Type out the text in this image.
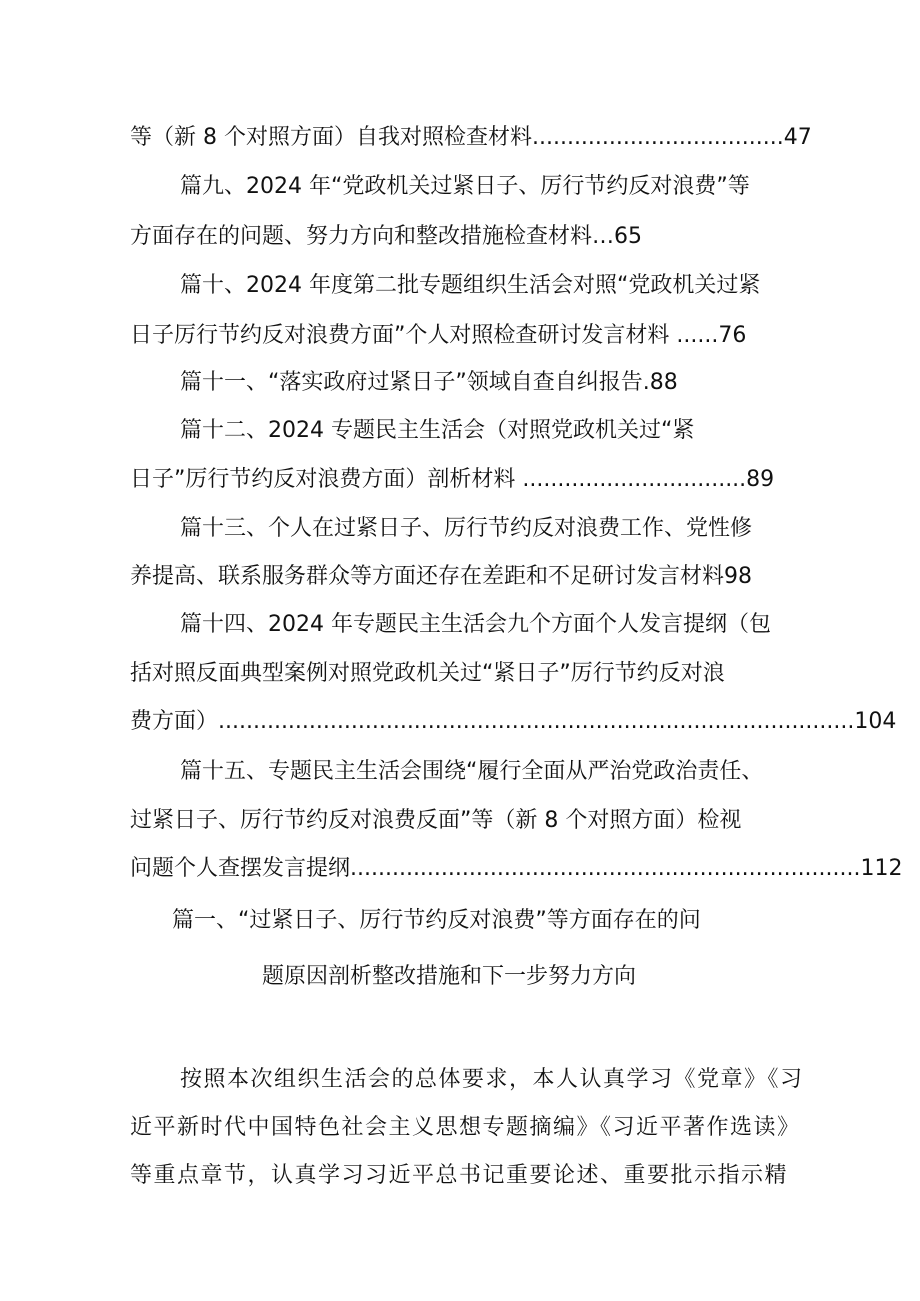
等（新 8 个对照方面）自我对照检查材料....................................47
篇九、2024 年“党政机关过紧日子、厉行节约反对浪费”等
方面存在的问题、努力方向和整改措施检查材料…65
篇十、2024 年度第二批专题组织生活会对照“党政机关过紧
日子厉行节约反对浪费方面”个人对照检查研讨发言材料 ......76
篇十一、“落实政府过紧日子”领域自查自纠报告.88
篇十二、2024 专题民主生活会（对照党政机关过“紧
日子”厉行节约反对浪费方面）剖析材料 ................................89
篇十三、个人在过紧日子、厉行节约反对浪费工作、党性修
养提高、联系服务群众等方面还存在差距和不足研讨发言材料98
篇十四、2024 年专题民主生活会九个方面个人发言提纲（包
括对照反面典型案例对照党政机关过“紧日子”厉行节约反对浪
费方面）...........................................................................................104
篇十五、专题民主生活会围绕“履行全面从严治党政治责任、
过紧日子、厉行节约反对浪费反面”等（新 8 个对照方面）检视
问题个人查摆发言提纲.........................................................................112
篇一、“过紧日子、厉行节约反对浪费”等方面存在的问
题原因剖析整改措施和下一步努力方向
按照本次组织生活会的总体要求，本人认真学习《党章》《习
近平新时代中国特色社会主义思想专题摘编》《习近平著作选读》
等重点章节，认真学习习近平总书记重要论述、重要批示指示精
